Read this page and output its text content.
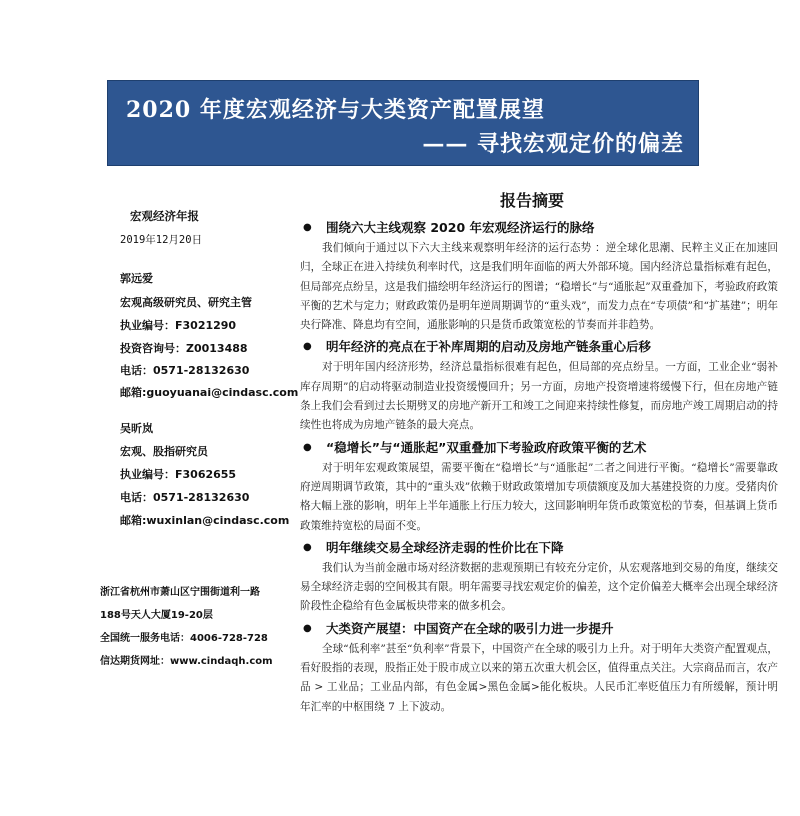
2020 年度宏观经济与大类资产配置展望
—— 寻找宏观定价的偏差
报告摘要
宏观经济年报
2019年12月20日
郭远爱
宏观高级研究员、研究主管
执业编号：F3021290
投资咨询号：Z0013488
电话：0571-28132630
邮箱:guoyuanai@cindasc.com
吴昕岚
宏观、股指研究员
执业编号：F3062655
电话：0571-28132630
邮箱:wuxinlan@cindasc.com
浙江省杭州市萧山区宁围街道利一路
188号天人大厦19-20层
全国统一服务电话：4006-728-728
信达期货网址：www.cindaqh.com
● 围绕六大主线观察 2020 年宏观经济运行的脉络
我们倾向于通过以下六大主线来观察明年经济的运行态势 ：逆全球化思潮、民粹主义正在加速回归，全球正在进入持续负利率时代，这是我们明年面临的两大外部环境。国内经济总量指标难有起色，但局部亮点纷呈，这是我们描绘明年经济运行的图谱；“稳增长”与“通胀起”双重叠加下，考验政府政策平衡的艺术与定力；财政政策仍是明年逆周期调节的“重头戏”，而发力点在“专项债”和“扩基建”；明年央行降准、降息均有空间，通胀影响的只是货币政策宽松的节奏而并非趋势。
● 明年经济的亮点在于补库周期的启动及房地产链条重心后移
对于明年国内经济形势，经济总量指标很难有起色，但局部的亮点纷呈。一方面，工业企业“弱补库存周期”的启动将驱动制造业投资缓慢回升；另一方面，房地产投资增速将缓慢下行，但在房地产链条上我们会看到过去长期劈叉的房地产新开工和竣工之间迎来持续性修复，而房地产竣工周期启动的持续性也将成为房地产链条的最大亮点。
● “稳增长”与“通胀起”双重叠加下考验政府政策平衡的艺术
对于明年宏观政策展望，需要平衡在“稳增长”与“通胀起”二者之间进行平衡。“稳增长”需要靠政府逆周期调节政策，其中的“重头戏”依赖于财政政策增加专项债额度及加大基建投资的力度。受猪肉价格大幅上涨的影响，明年上半年通胀上行压力较大，这回影响明年货币政策宽松的节奏，但基调上货币政策维持宽松的局面不变。
● 明年继续交易全球经济走弱的性价比在下降
我们认为当前金融市场对经济数据的悲观预期已有较充分定价，从宏观落地到交易的角度，继续交易全球经济走弱的空间极其有限。明年需要寻找宏观定价的偏差，这个定价偏差大概率会出现全球经济阶段性企稳给有色金属板块带来的做多机会。
● 大类资产展望：中国资产在全球的吸引力进一步提升
全球“低利率”甚至“负利率”背景下，中国资产在全球的吸引力上升。对于明年大类资产配置观点，看好股指的表现，股指正处于股市成立以来的第五次重大机会区，值得重点关注。大宗商品而言，农产品 > 工业品；工业品内部，有色金属>黑色金属>能化板块。人民币汇率贬值压力有所缓解，预计明年汇率的中枢围绕 7 上下波动。
